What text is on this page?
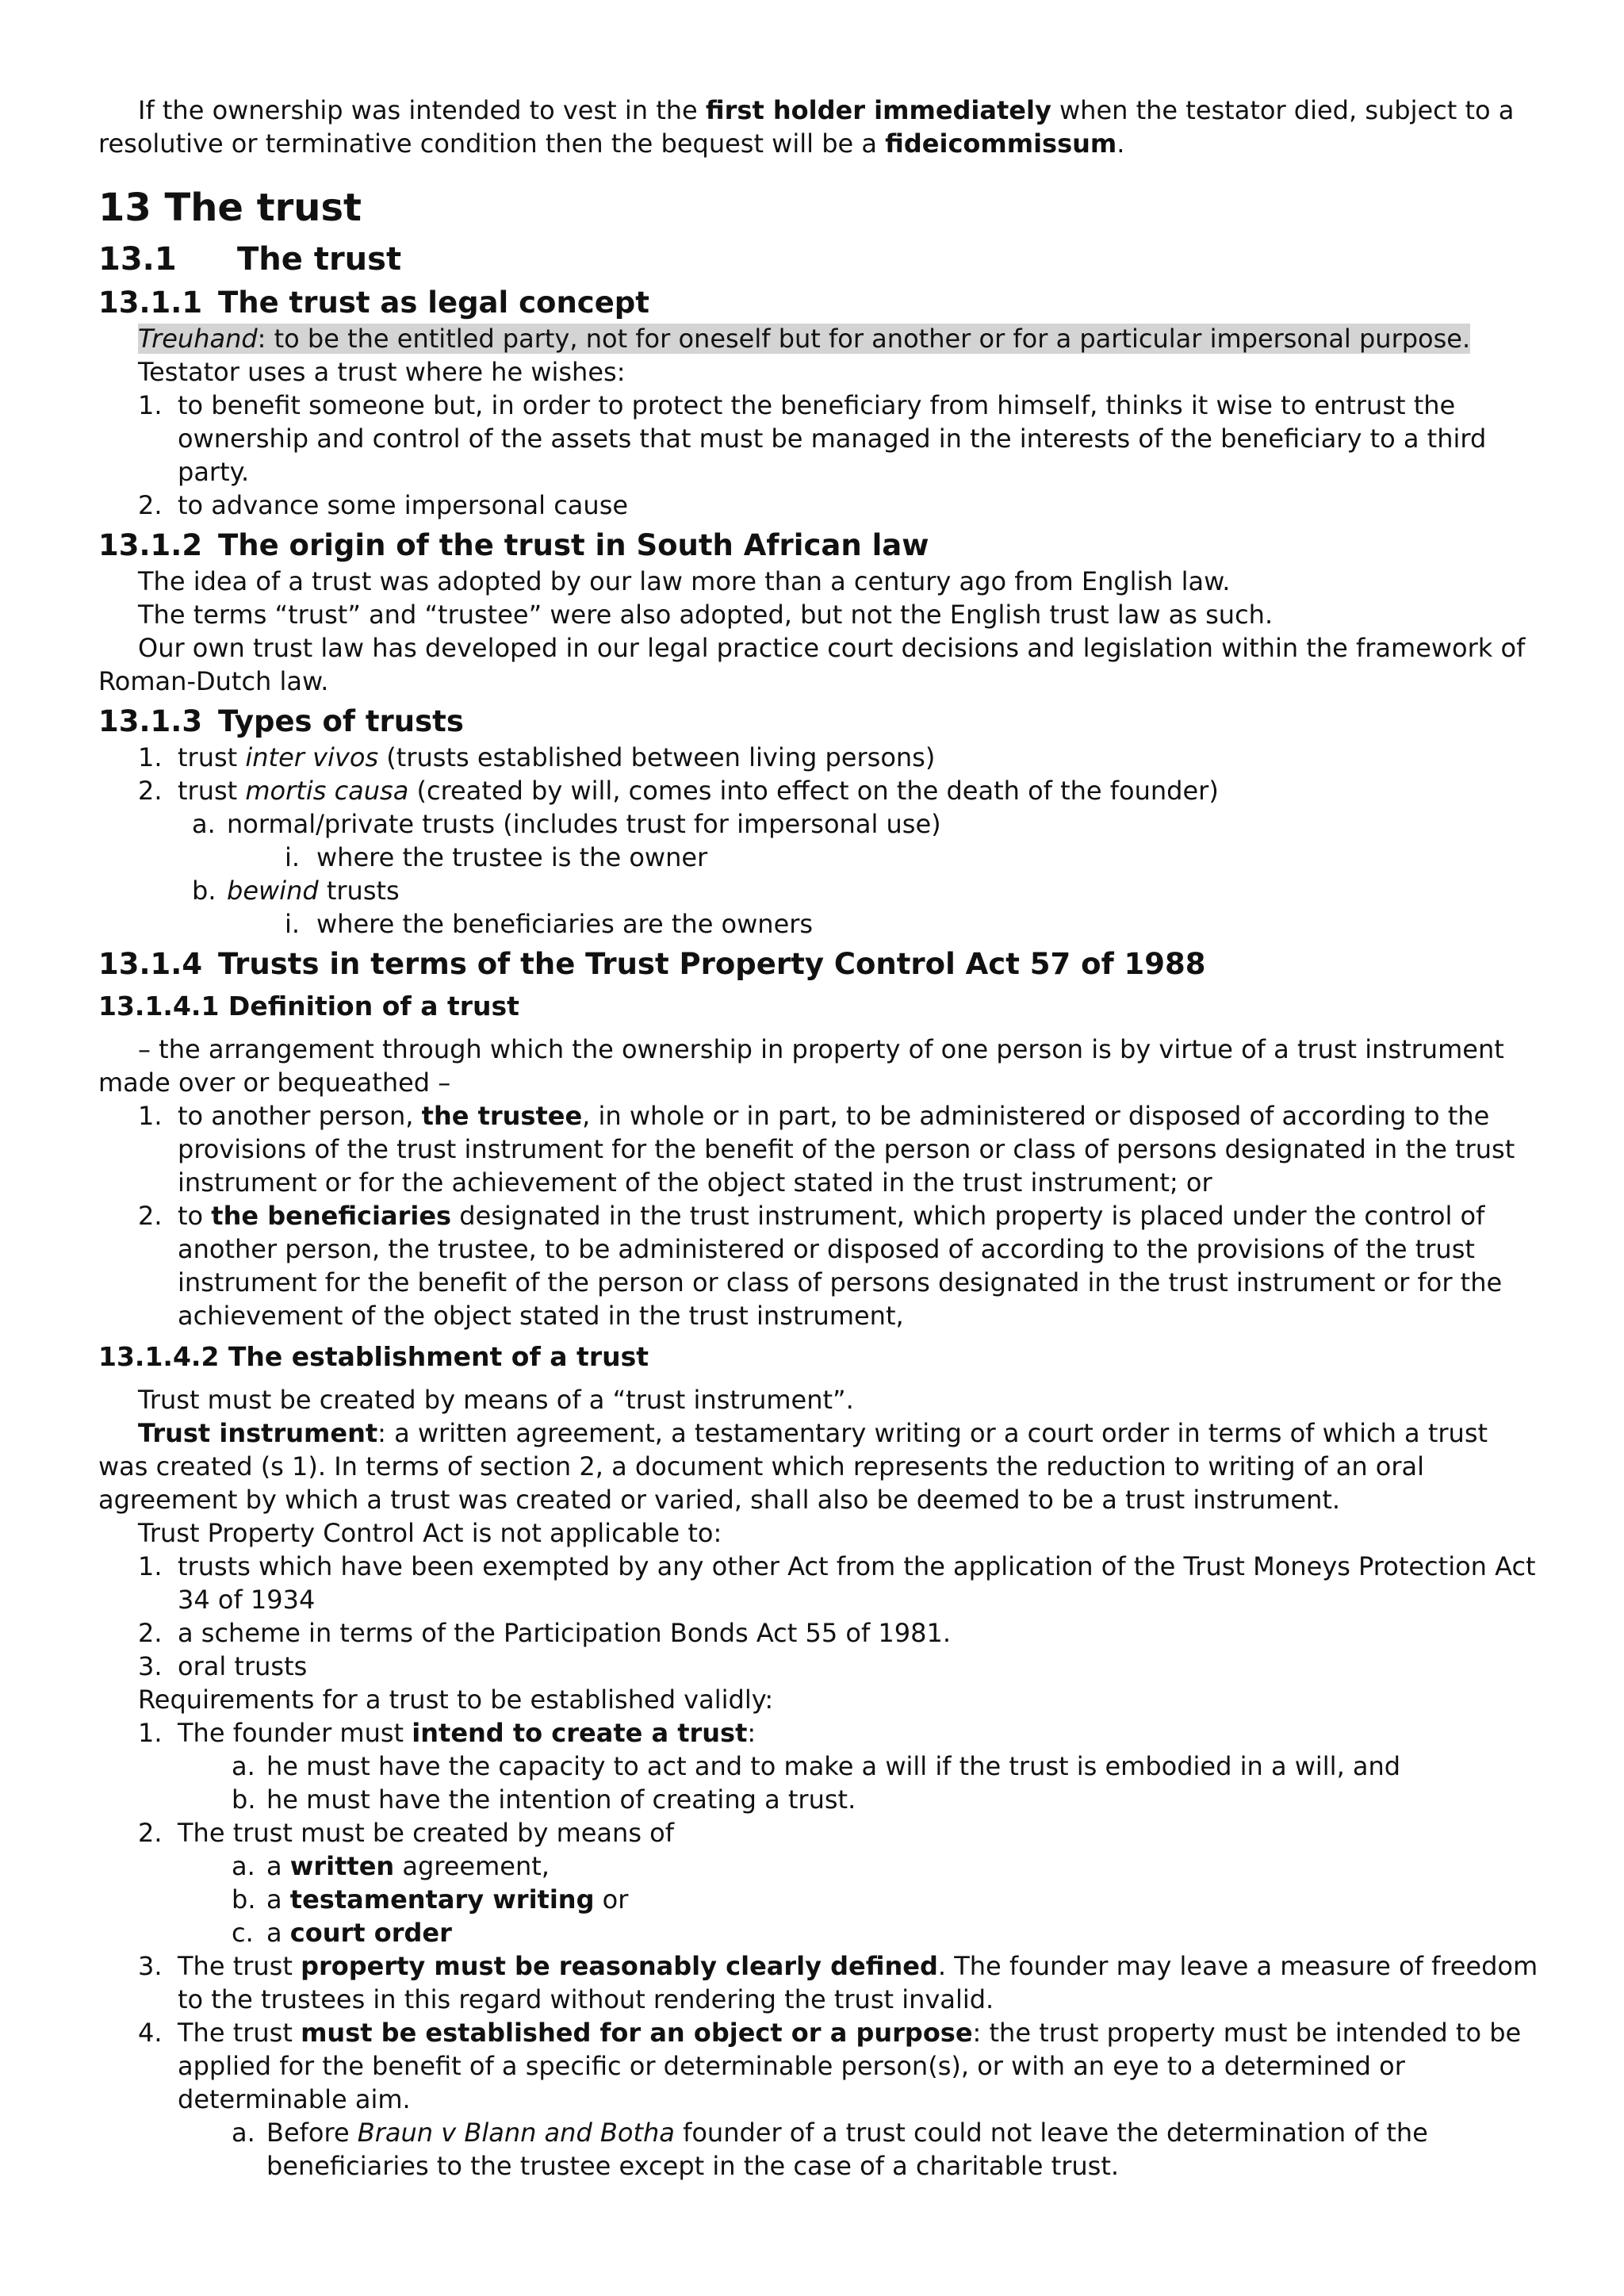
If the ownership was intended to vest in the first holder immediately when the testator died, subject to a resolutive or terminative condition then the bequest will be a fideicommissum.

13 The trust
13.1 The trust
13.1.1 The trust as legal concept

Treuhand: to be the entitled party, not for oneself but for another or for a particular impersonal purpose.

Testator uses a trust where he wishes:

1. to benefit someone but, in order to protect the beneficiary from himself, thinks it wise to entrust the ownership and control of the assets that must be managed in the interests of the beneficiary to a third party.
2. to advance some impersonal cause
13.1.2 The origin of the trust in South African law

The idea of a trust was adopted by our law more than a century ago from English law.

The terms “trust” and “trustee” were also adopted, but not the English trust law as such.

Our own trust law has developed in our legal practice court decisions and legislation within the framework of Roman-Dutch law.

13.1.3 Types of trusts
1. trust inter vivos (trusts established between living persons)
2. trust mortis causa (created by will, comes into effect on the death of the founder)
a. normal/private trusts (includes trust for impersonal use)
i. where the trustee is the owner
b. bewind trusts
i. where the beneficiaries are the owners
13.1.4 Trusts in terms of the Trust Property Control Act 57 of 1988
13.1.4.1 Definition of a trust

– the arrangement through which the ownership in property of one person is by virtue of a trust instrument made over or bequeathed –

1. to another person, the trustee, in whole or in part, to be administered or disposed of according to the provisions of the trust instrument for the benefit of the person or class of persons designated in the trust instrument or for the achievement of the object stated in the trust instrument; or
2. to the beneficiaries designated in the trust instrument, which property is placed under the control of another person, the trustee, to be administered or disposed of according to the provisions of the trust instrument for the benefit of the person or class of persons designated in the trust instrument or for the achievement of the object stated in the trust instrument,
13.1.4.2 The establishment of a trust

Trust must be created by means of a “trust instrument”.

Trust instrument: a written agreement, a testamentary writing or a court order in terms of which a trust was created (s 1). In terms of section 2, a document which represents the reduction to writing of an oral agreement by which a trust was created or varied, shall also be deemed to be a trust instrument.

Trust Property Control Act is not applicable to:

1. trusts which have been exempted by any other Act from the application of the Trust Moneys Protection Act 34 of 1934
2. a scheme in terms of the Participation Bonds Act 55 of 1981.
3. oral trusts

Requirements for a trust to be established validly:

1. The founder must intend to create a trust:
a. he must have the capacity to act and to make a will if the trust is embodied in a will, and
b. he must have the intention of creating a trust.
2. The trust must be created by means of
a. a written agreement,
b. a testamentary writing or
c. a court order
3. The trust property must be reasonably clearly defined. The founder may leave a measure of freedom to the trustees in this regard without rendering the trust invalid.
4. The trust must be established for an object or a purpose: the trust property must be intended to be applied for the benefit of a specific or determinable person(s), or with an eye to a determined or determinable aim.
a. Before Braun v Blann and Botha founder of a trust could not leave the determination of the beneficiaries to the trustee except in the case of a charitable trust.
